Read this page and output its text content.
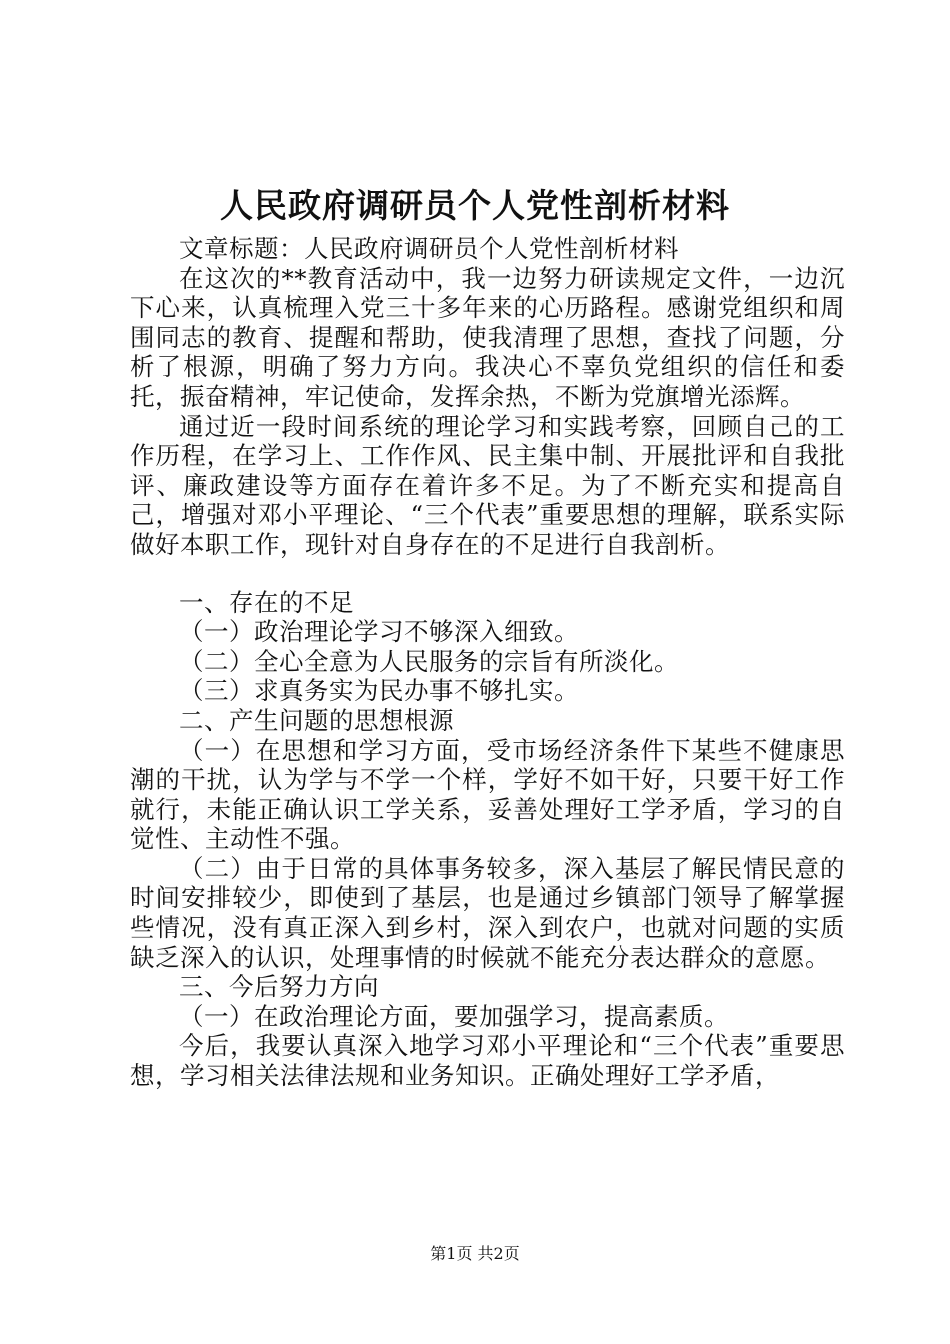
人民政府调研员个人党性剖析材料

文章标题：人民政府调研员个人党性剖析材料

在这次的**教育活动中，我一边努力研读规定文件，一边沉下心来，认真梳理入党三十多年来的心历路程。感谢党组织和周围同志的教育、提醒和帮助，使我清理了思想，查找了问题，分析了根源，明确了努力方向。我决心不辜负党组织的信任和委托，振奋精神，牢记使命，发挥余热，不断为党旗增光添辉。

通过近一段时间系统的理论学习和实践考察，回顾自己的工作历程，在学习上、工作作风、民主集中制、开展批评和自我批评、廉政建设等方面存在着许多不足。为了不断充实和提高自己，增强对邓小平理论、“三个代表”重要思想的理解，联系实际做好本职工作，现针对自身存在的不足进行自我剖析。

一、存在的不足

（一）政治理论学习不够深入细致。

（二）全心全意为人民服务的宗旨有所淡化。

（三）求真务实为民办事不够扎实。

二、产生问题的思想根源

（一）在思想和学习方面，受市场经济条件下某些不健康思潮的干扰，认为学与不学一个样，学好不如干好，只要干好工作就行，未能正确认识工学关系，妥善处理好工学矛盾，学习的自觉性、主动性不强。

（二）由于日常的具体事务较多，深入基层了解民情民意的时间安排较少，即使到了基层，也是通过乡镇部门领导了解掌握些情况，没有真正深入到乡村，深入到农户，也就对问题的实质缺乏深入的认识，处理事情的时候就不能充分表达群众的意愿。

三、今后努力方向

（一）在政治理论方面，要加强学习，提高素质。

今后，我要认真深入地学习邓小平理论和“三个代表”重要思想，学习相关法律法规和业务知识。正确处理好工学矛盾，

第1页 共2页
